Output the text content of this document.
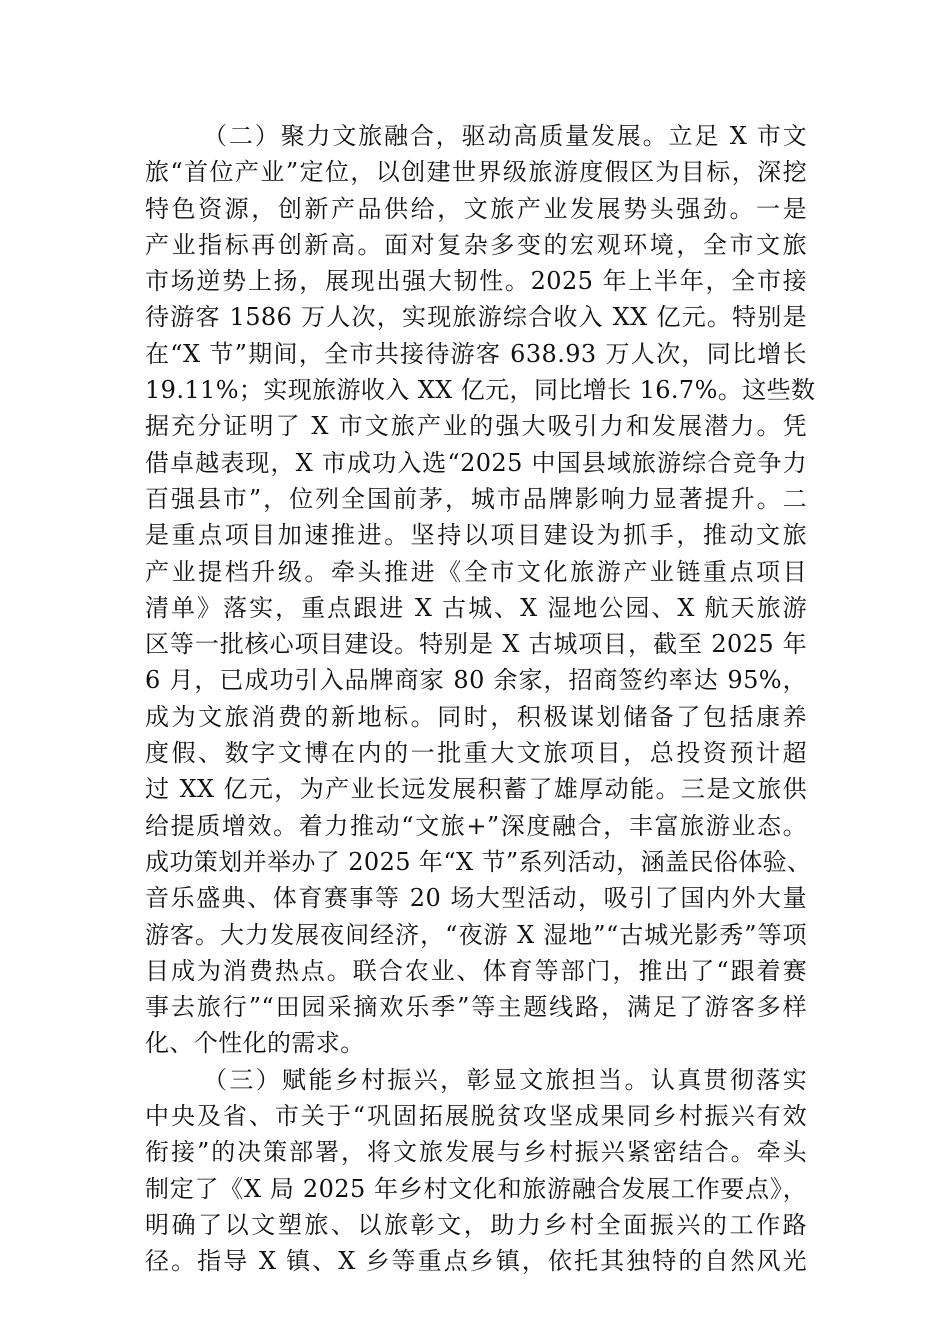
（二）聚力文旅融合，驱动高质量发展。立足 X 市文
旅“首位产业”定位，以创建世界级旅游度假区为目标，深挖
特色资源，创新产品供给，文旅产业发展势头强劲。一是
产业指标再创新高。面对复杂多变的宏观环境，全市文旅
市场逆势上扬，展现出强大韧性。2025 年上半年，全市接
待游客 1586 万人次，实现旅游综合收入 XX 亿元。特别是
在“X 节”期间，全市共接待游客 638.93 万人次，同比增长
19.11%；实现旅游收入 XX 亿元，同比增长 16.7%。这些数
据充分证明了 X 市文旅产业的强大吸引力和发展潜力。凭
借卓越表现，X 市成功入选“2025 中国县域旅游综合竞争力
百强县市”，位列全国前茅，城市品牌影响力显著提升。二
是重点项目加速推进。坚持以项目建设为抓手，推动文旅
产业提档升级。牵头推进《全市文化旅游产业链重点项目
清单》落实，重点跟进 X 古城、X 湿地公园、X 航天旅游
区等一批核心项目建设。特别是 X 古城项目，截至 2025 年
6 月，已成功引入品牌商家 80 余家，招商签约率达 95%，
成为文旅消费的新地标。同时，积极谋划储备了包括康养
度假、数字文博在内的一批重大文旅项目，总投资预计超
过 XX 亿元，为产业长远发展积蓄了雄厚动能。三是文旅供
给提质增效。着力推动“文旅+”深度融合，丰富旅游业态。
成功策划并举办了 2025 年“X 节”系列活动，涵盖民俗体验、
音乐盛典、体育赛事等 20 场大型活动，吸引了国内外大量
游客。大力发展夜间经济，“夜游 X 湿地”“古城光影秀”等项
目成为消费热点。联合农业、体育等部门，推出了“跟着赛
事去旅行”“田园采摘欢乐季”等主题线路，满足了游客多样
化、个性化的需求。
（三）赋能乡村振兴，彰显文旅担当。认真贯彻落实
中央及省、市关于“巩固拓展脱贫攻坚成果同乡村振兴有效
衔接”的决策部署，将文旅发展与乡村振兴紧密结合。牵头
制定了《X 局 2025 年乡村文化和旅游融合发展工作要点》，
明确了以文塑旅、以旅彰文，助力乡村全面振兴的工作路
径。指导 X 镇、X 乡等重点乡镇，依托其独特的自然风光
